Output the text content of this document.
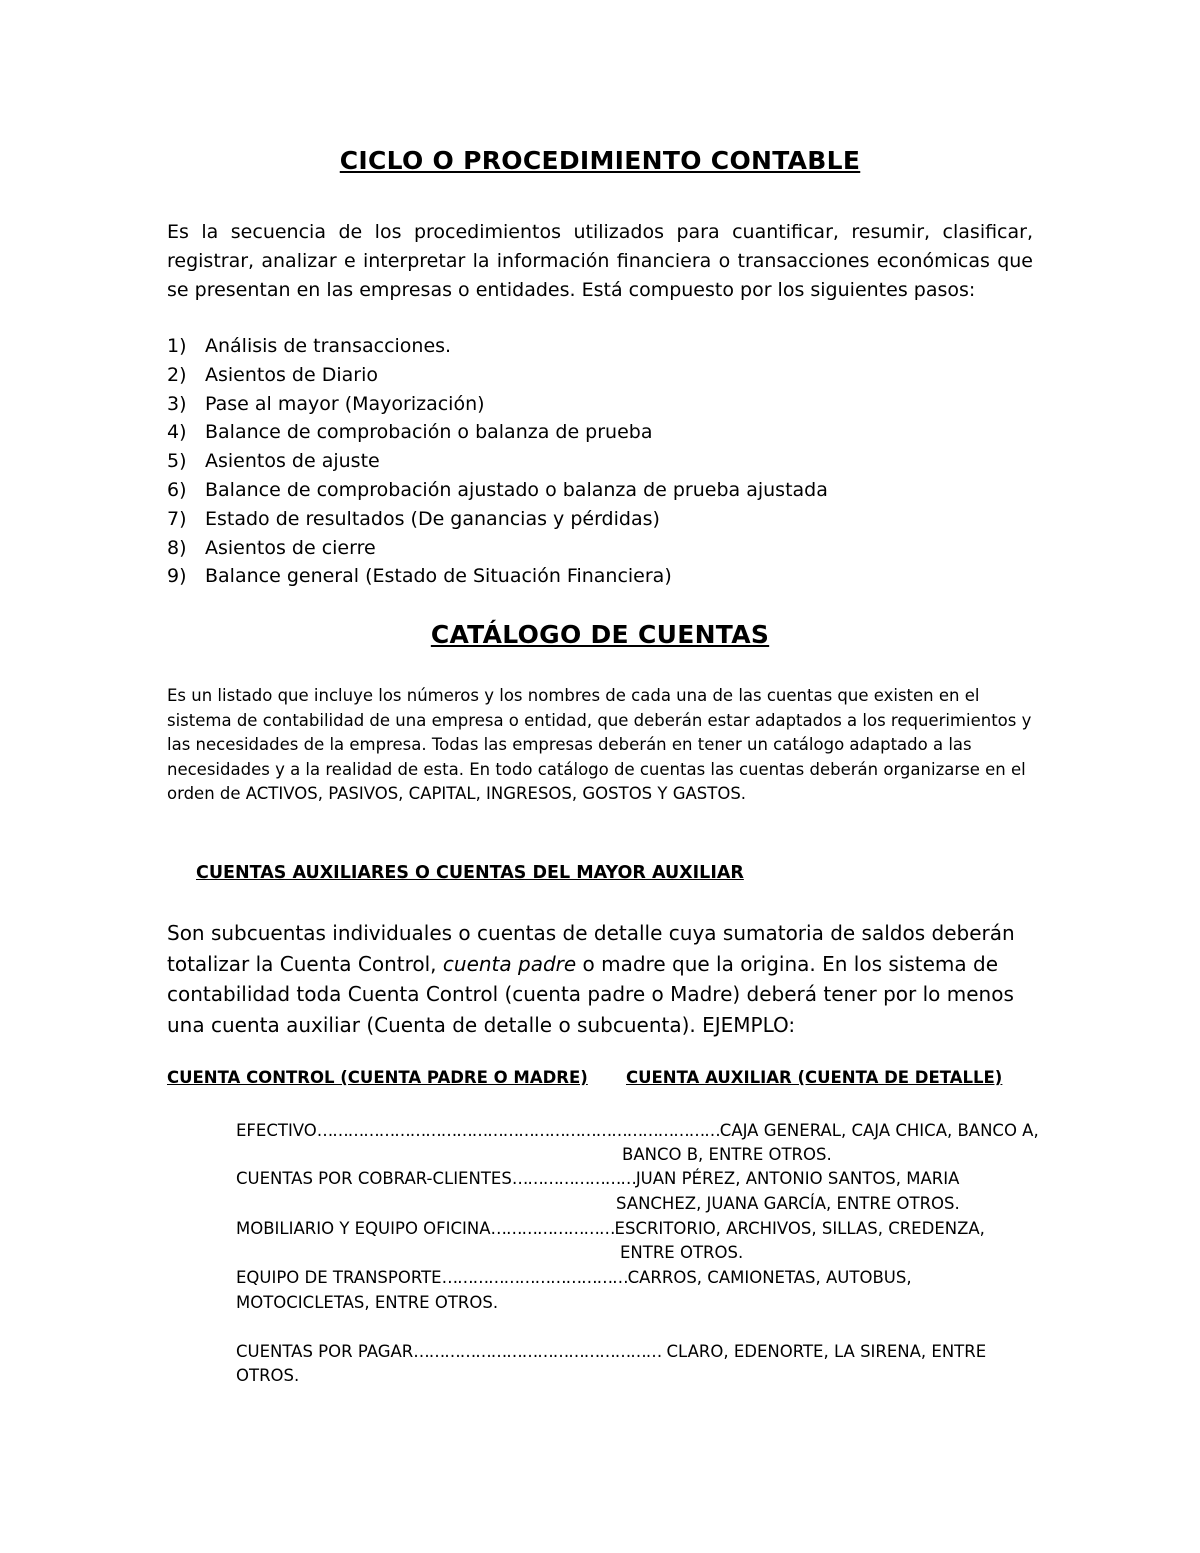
CICLO O PROCEDIMIENTO CONTABLE
Es la secuencia de los procedimientos utilizados para cuantificar, resumir, clasificar, registrar, analizar e interpretar la información financiera o transacciones económicas que se presentan en las empresas o entidades. Está compuesto por los siguientes pasos:
1) Análisis de transacciones.
2) Asientos de Diario
3) Pase al mayor (Mayorización)
4) Balance de comprobación o balanza de prueba
5) Asientos de ajuste
6) Balance de comprobación ajustado o balanza de prueba ajustada
7) Estado de resultados (De ganancias y pérdidas)
8) Asientos de cierre
9) Balance general (Estado de Situación Financiera)
CATÁLOGO DE CUENTAS
Es un listado que incluye los números y los nombres de cada una de las cuentas que existen en el sistema de contabilidad de una empresa o entidad, que deberán estar adaptados a los requerimientos y las necesidades de la empresa. Todas las empresas deberán en tener un catálogo adaptado a las necesidades y a la realidad de esta. En todo catálogo de cuentas las cuentas deberán organizarse en el orden de ACTIVOS, PASIVOS, CAPITAL, INGRESOS, GOSTOS Y GASTOS.
CUENTAS AUXILIARES O CUENTAS DEL MAYOR AUXILIAR
Son subcuentas individuales o cuentas de detalle cuya sumatoria de saldos deberán totalizar la Cuenta Control, cuenta padre o madre que la origina. En los sistema de contabilidad toda Cuenta Control (cuenta padre o Madre) deberá tener por lo menos una cuenta auxiliar (Cuenta de detalle o subcuenta). EJEMPLO:
CUENTA CONTROL (CUENTA PADRE O MADRE) CUENTA AUXILIAR (CUENTA DE DETALLE)
EFECTIVO……………………………………………………………………CAJA GENERAL, CAJA CHICA, BANCO A,
BANCO B, ENTRE OTROS.
CUENTAS POR COBRAR-CLIENTES……………………JUAN PÉREZ, ANTONIO SANTOS, MARIA
SANCHEZ, JUANA GARCÍA, ENTRE OTROS.
MOBILIARIO Y EQUIPO OFICINA……………………ESCRITORIO, ARCHIVOS, SILLAS, CREDENZA,
ENTRE OTROS.
EQUIPO DE TRANSPORTE………………………………CARROS, CAMIONETAS, AUTOBUS,
MOTOCICLETAS, ENTRE OTROS.
CUENTAS POR PAGAR………………………………………… CLARO, EDENORTE, LA SIRENA, ENTRE
OTROS.
